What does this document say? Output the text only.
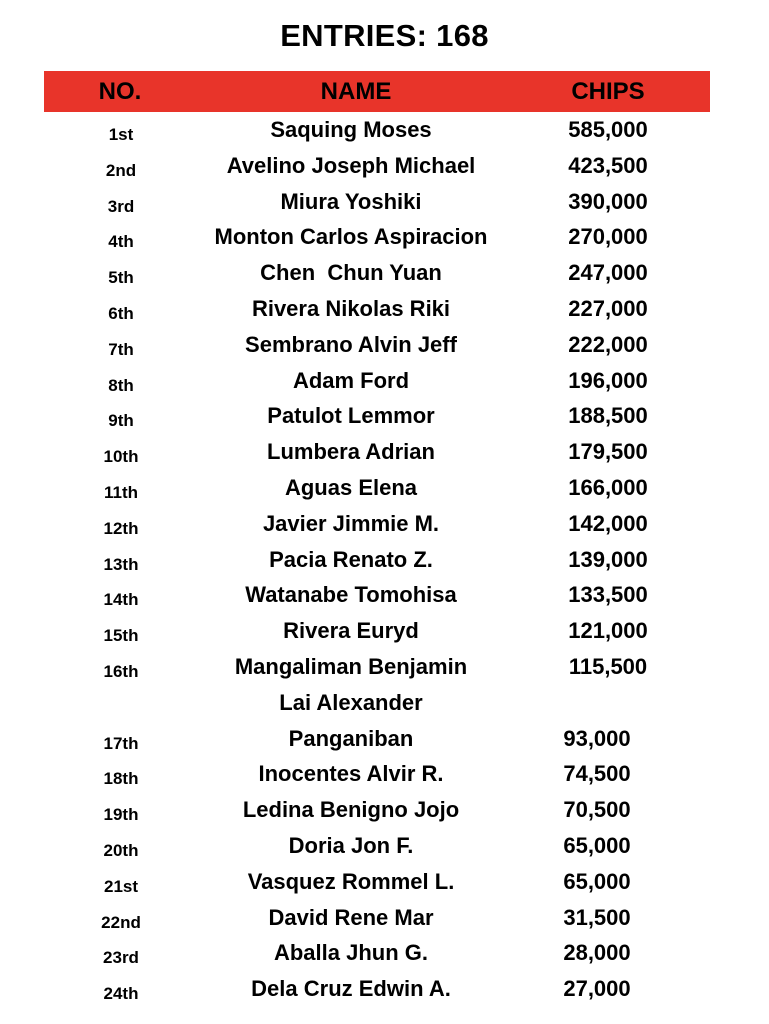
ENTRIES: 168
NO.	NAME	CHIPS
1st	Saquing Moses	585,000
2nd	Avelino Joseph Michael	423,500
3rd	Miura Yoshiki	390,000
4th	Monton Carlos Aspiracion	270,000
5th	Chen  Chun Yuan	247,000
6th	Rivera Nikolas Riki	227,000
7th	Sembrano Alvin Jeff	222,000
8th	Adam Ford	196,000
9th	Patulot Lemmor	188,500
10th	Lumbera Adrian	179,500
11th	Aguas Elena	166,000
12th	Javier Jimmie M.	142,000
13th	Pacia Renato Z.	139,000
14th	Watanabe Tomohisa	133,500
15th	Rivera Euryd	121,000
16th	Mangaliman Benjamin	115,500
Lai Alexander
17th	Panganiban	93,000
18th	Inocentes Alvir R.	74,500
19th	Ledina Benigno Jojo	70,500
20th	Doria Jon F.	65,000
21st	Vasquez Rommel L.	65,000
22nd	David Rene Mar	31,500
23rd	Aballa Jhun G.	28,000
24th	Dela Cruz Edwin A.	27,000
